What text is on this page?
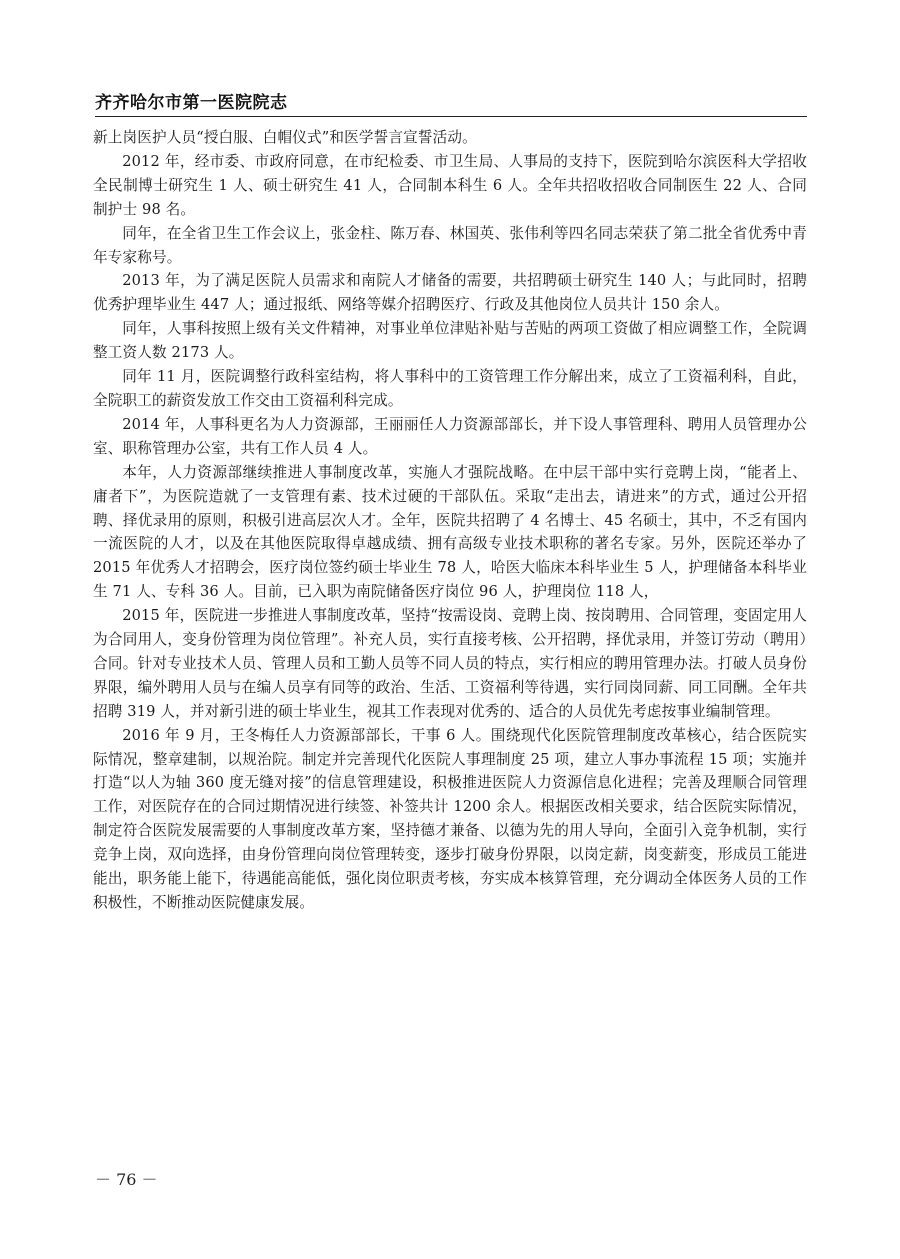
齐齐哈尔市第一医院院志

新上岗医护人员“授白服、白帽仪式”和医学誓言宣誓活动。

2012 年，经市委、市政府同意，在市纪检委、市卫生局、人事局的支持下，医院到哈尔滨医科大学招收全民制博士研究生 1 人、硕士研究生 41 人，合同制本科生 6 人。全年共招收招收合同制医生 22 人、合同制护士 98 名。

同年，在全省卫生工作会议上，张金柱、陈万春、林国英、张伟利等四名同志荣获了第二批全省优秀中青年专家称号。

2013 年，为了满足医院人员需求和南院人才储备的需要，共招聘硕士研究生 140 人；与此同时，招聘优秀护理毕业生 447 人；通过报纸、网络等媒介招聘医疗、行政及其他岗位人员共计 150 余人。

同年，人事科按照上级有关文件精神，对事业单位津贴补贴与苦贴的两项工资做了相应调整工作，全院调整工资人数 2173 人。

同年 11 月，医院调整行政科室结构，将人事科中的工资管理工作分解出来，成立了工资福利科，自此，全院职工的薪资发放工作交由工资福利科完成。

2014 年，人事科更名为人力资源部，王丽丽任人力资源部部长，并下设人事管理科、聘用人员管理办公室、职称管理办公室，共有工作人员 4 人。

本年，人力资源部继续推进人事制度改革，实施人才强院战略。在中层干部中实行竞聘上岗，“能者上、庸者下”，为医院造就了一支管理有素、技术过硬的干部队伍。采取“走出去，请进来”的方式，通过公开招聘、择优录用的原则，积极引进高层次人才。全年，医院共招聘了 4 名博士、45 名硕士，其中，不乏有国内一流医院的人才，以及在其他医院取得卓越成绩、拥有高级专业技术职称的著名专家。另外，医院还举办了 2015 年优秀人才招聘会，医疗岗位签约硕士毕业生 78 人，哈医大临床本科毕业生 5 人，护理储备本科毕业生 71 人、专科 36 人。目前，已入职为南院储备医疗岗位 96 人，护理岗位 118 人，

2015 年，医院进一步推进人事制度改革，坚持“按需设岗、竞聘上岗、按岗聘用、合同管理，变固定用人为合同用人，变身份管理为岗位管理”。补充人员，实行直接考核、公开招聘，择优录用，并签订劳动（聘用）合同。针对专业技术人员、管理人员和工勤人员等不同人员的特点，实行相应的聘用管理办法。打破人员身份界限，编外聘用人员与在编人员享有同等的政治、生活、工资福利等待遇，实行同岗同薪、同工同酬。全年共招聘 319 人，并对新引进的硕士毕业生，视其工作表现对优秀的、适合的人员优先考虑按事业编制管理。

2016 年 9 月，王冬梅任人力资源部部长，干事 6 人。围绕现代化医院管理制度改革核心，结合医院实际情况，整章建制，以规治院。制定并完善现代化医院人事理制度 25 项，建立人事办事流程 15 项；实施并打造“以人为轴 360 度无缝对接”的信息管理建设，积极推进医院人力资源信息化进程；完善及理顺合同管理工作，对医院存在的合同过期情况进行续签、补签共计 1200 余人。根据医改相关要求，结合医院实际情况，制定符合医院发展需要的人事制度改革方案，坚持德才兼备、以德为先的用人导向，全面引入竞争机制，实行竞争上岗，双向选择，由身份管理向岗位管理转变，逐步打破身份界限，以岗定薪，岗变薪变，形成员工能进能出，职务能上能下，待遇能高能低，强化岗位职责考核，夯实成本核算管理，充分调动全体医务人员的工作积极性，不断推动医院健康发展。

－ 76 －
